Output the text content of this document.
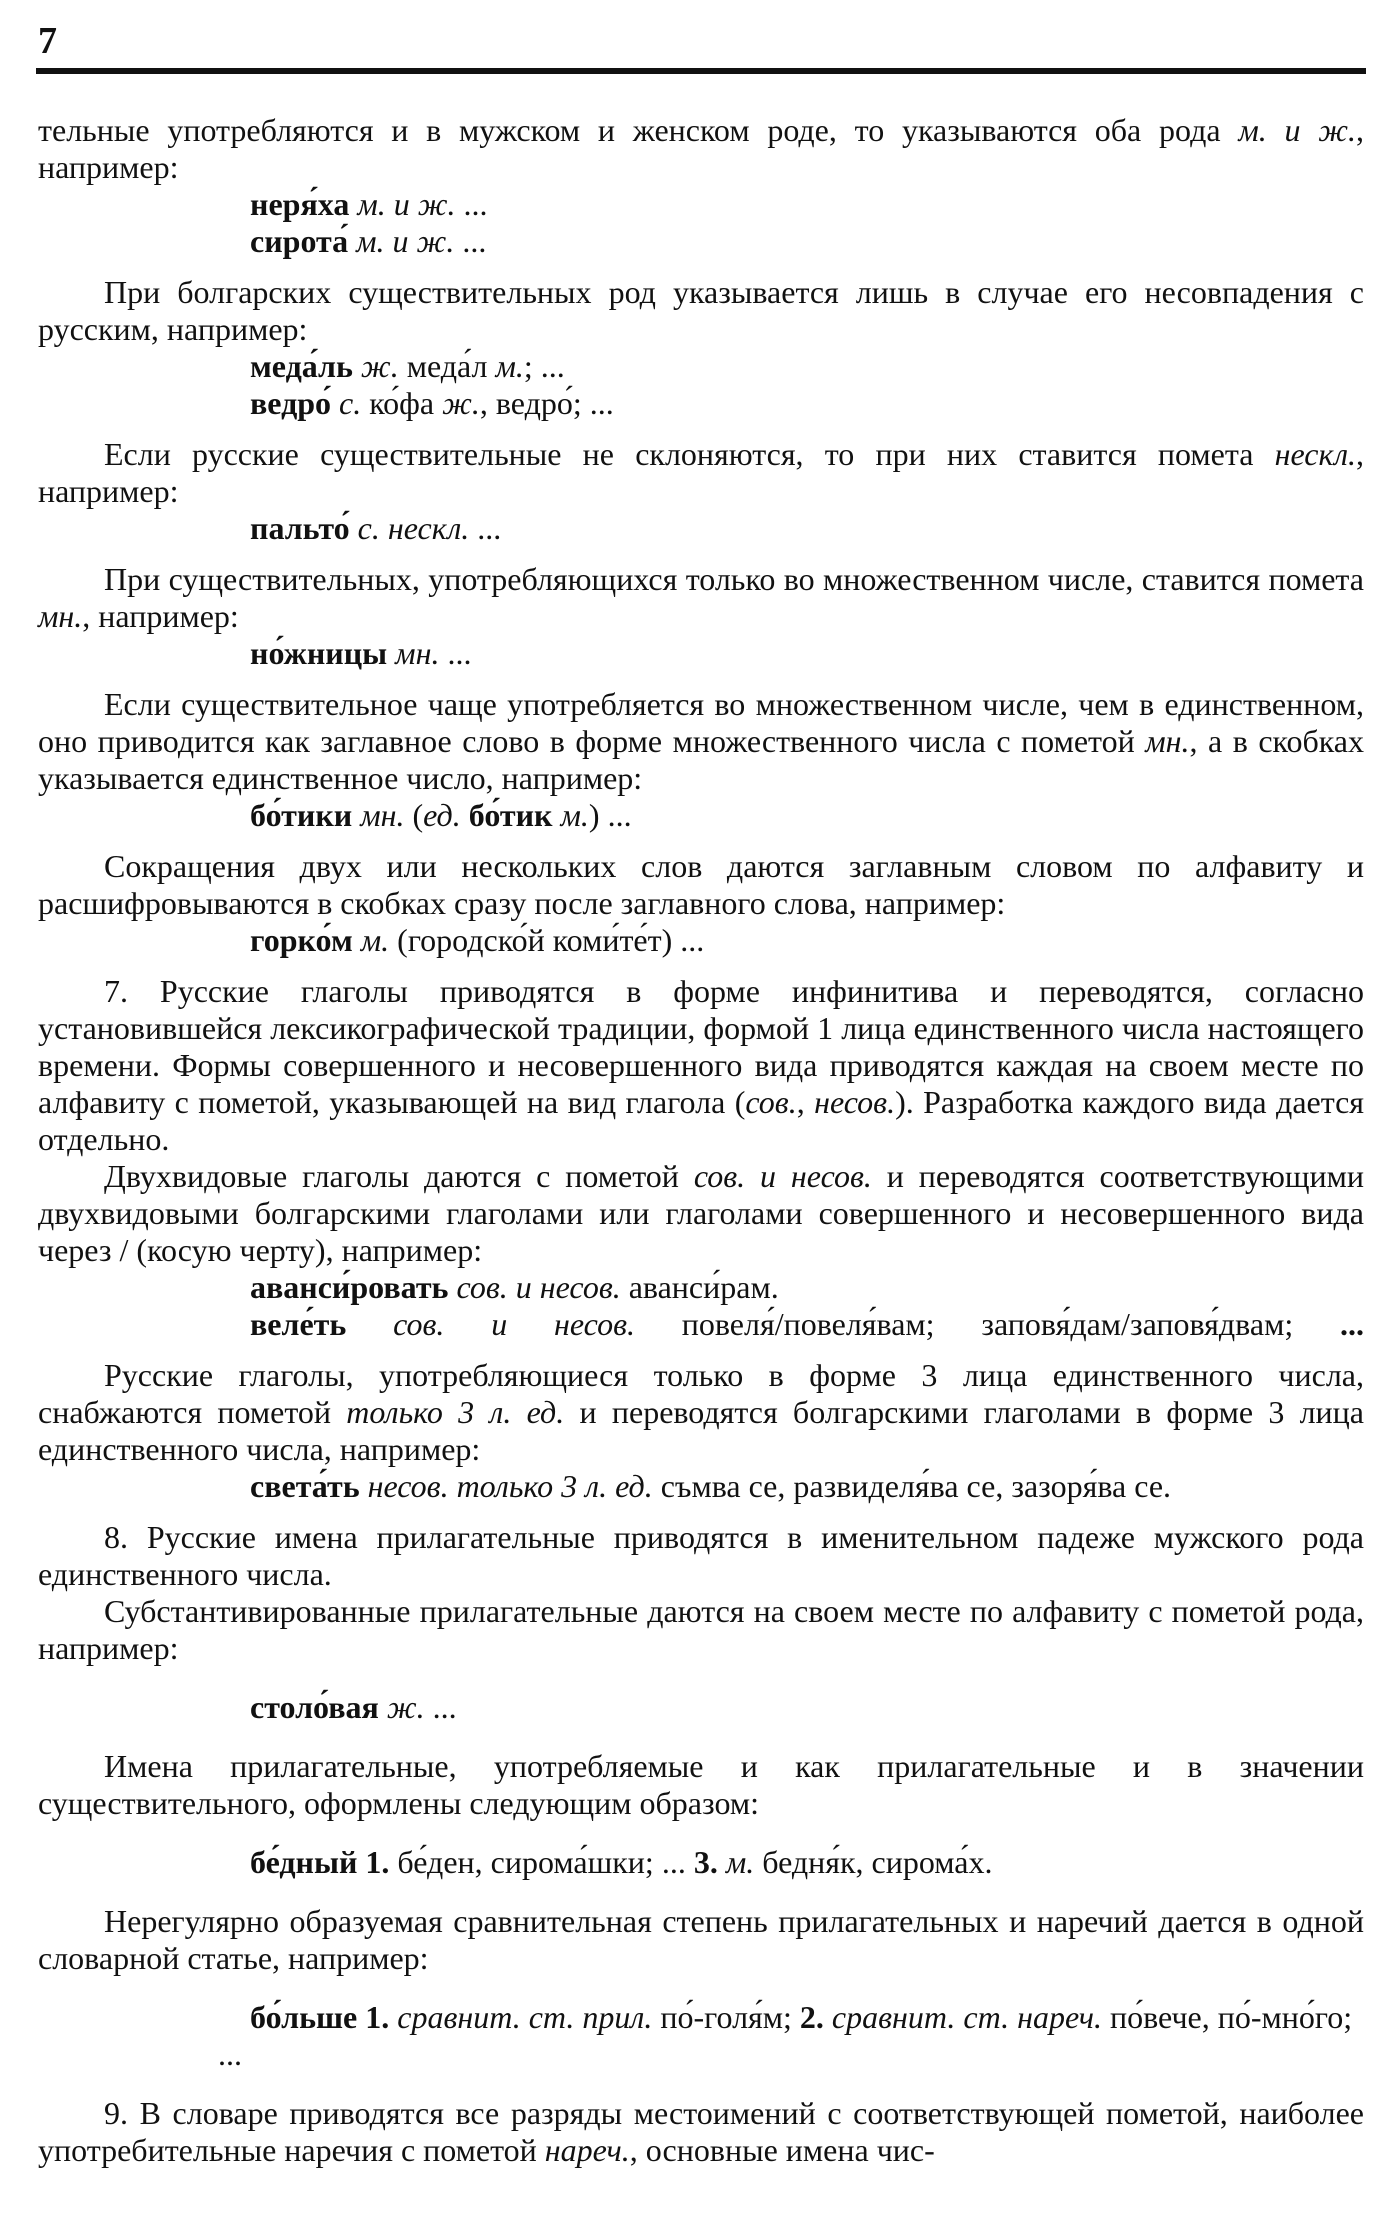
7

тельные употребляются и в мужском и женском роде, то указываются оба рода м. и ж., например:

неря́ха м. и ж. ...

сирота́ м. и ж. ...

При болгарских существительных род указывается лишь в случае его несовпадения с русским, например:

меда́ль ж. меда́л м.; ...

ведро́ с. ко́фа ж., ведро́; ...

Если русские существительные не склоняются, то при них ставится помета нескл., например:

пальто́ с. нескл. ...

При существительных, употребляющихся только во множественном числе, ставится помета мн., например:

но́жницы мн. ...

Если существительное чаще употребляется во множественном числе, чем в единственном, оно приводится как заглавное слово в форме множественного числа с пометой мн., а в скобках указывается единственное число, например:

бо́тики мн. (ед. бо́тик м.) ...

Сокращения двух или нескольких слов даются заглавным словом по алфавиту и расшифровываются в скобках сразу после заглавного слова, например:

горко́м м. (городско́й коми́те́т) ...

7. Русские глаголы приводятся в форме инфинитива и переводятся, согласно установившейся лексикографической традиции, формой 1 лица единственного числа настоящего времени. Формы совершенного и несовершенного вида приводятся каждая на своем месте по алфавиту с пометой, указывающей на вид глагола (сов., несов.). Разработка каждого вида дается отдельно.

Двухвидовые глаголы даются с пометой сов. и несов. и переводятся соответствующими двухвидовыми болгарскими глаголами или глаголами совершенного и несовершенного вида через / (косую черту), например:

аванси́ровать сов. и несов. аванси́рам.

веле́ть сов. и несов. повеля́/повеля́вам; заповя́дам/заповя́двам; ...

Русские глаголы, употребляющиеся только в форме 3 лица единственного числа, снабжаются пометой только 3 л. ед. и переводятся болгарскими глаголами в форме 3 лица единственного числа, например:

света́ть несов. только 3 л. ед. съмва се, развиделя́ва се, зазоря́ва се.

8. Русские имена прилагательные приводятся в именительном падеже мужского рода единственного числа.

Субстантивированные прилагательные даются на своем месте по алфавиту с пометой рода, например:

столо́вая ж. ...

Имена прилагательные, употребляемые и как прилагательные и в значении существительного, оформлены следующим образом:

бе́дный 1. бе́ден, сирома́шки; ... 3. м. бедня́к, сирома́х.

Нерегулярно образуемая сравнительная степень прилагательных и наречий дается в одной словарной статье, например:

бо́льше 1. сравнит. ст. прил. по́-голя́м; 2. сравнит. ст. нареч. по́вече, по́-мно́го; ...

9. В словаре приводятся все разряды местоимений с соответствующей пометой, наиболее употребительные наречия с пометой нареч., основные имена чис-
